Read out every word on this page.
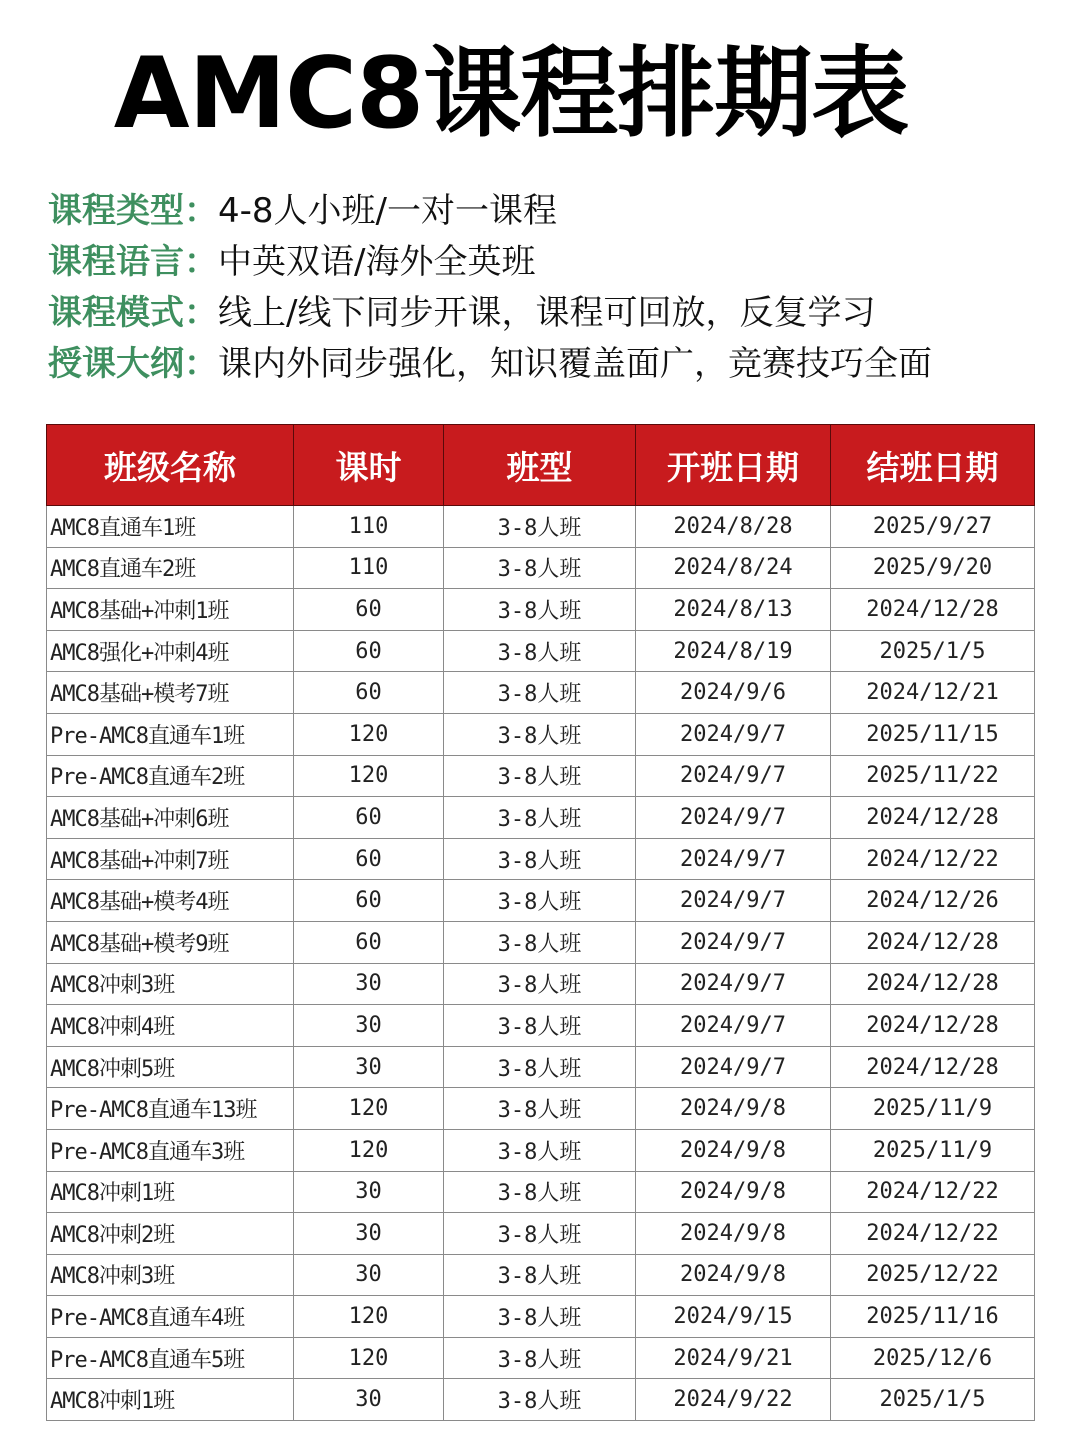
AMC8课程排期表
课程类型：4-8人小班/一对一课程
课程语言：中英双语/海外全英班
课程模式：线上/线下同步开课，课程可回放，反复学习
授课大纲：课内外同步强化，知识覆盖面广，竞赛技巧全面
班级名称	课时	班型	开班日期	结班日期
AMC8直通车1班	110	3-8人班	2024/8/28	2025/9/27
AMC8直通车2班	110	3-8人班	2024/8/24	2025/9/20
AMC8基础+冲刺1班	60	3-8人班	2024/8/13	2024/12/28
AMC8强化+冲刺4班	60	3-8人班	2024/8/19	2025/1/5
AMC8基础+模考7班	60	3-8人班	2024/9/6	2024/12/21
Pre-AMC8直通车1班	120	3-8人班	2024/9/7	2025/11/15
Pre-AMC8直通车2班	120	3-8人班	2024/9/7	2025/11/22
AMC8基础+冲刺6班	60	3-8人班	2024/9/7	2024/12/28
AMC8基础+冲刺7班	60	3-8人班	2024/9/7	2024/12/22
AMC8基础+模考4班	60	3-8人班	2024/9/7	2024/12/26
AMC8基础+模考9班	60	3-8人班	2024/9/7	2024/12/28
AMC8冲刺3班	30	3-8人班	2024/9/7	2024/12/28
AMC8冲刺4班	30	3-8人班	2024/9/7	2024/12/28
AMC8冲刺5班	30	3-8人班	2024/9/7	2024/12/28
Pre-AMC8直通车13班	120	3-8人班	2024/9/8	2025/11/9
Pre-AMC8直通车3班	120	3-8人班	2024/9/8	2025/11/9
AMC8冲刺1班	30	3-8人班	2024/9/8	2024/12/22
AMC8冲刺2班	30	3-8人班	2024/9/8	2024/12/22
AMC8冲刺3班	30	3-8人班	2024/9/8	2025/12/22
Pre-AMC8直通车4班	120	3-8人班	2024/9/15	2025/11/16
Pre-AMC8直通车5班	120	3-8人班	2024/9/21	2025/12/6
AMC8冲刺1班	30	3-8人班	2024/9/22	2025/1/5
